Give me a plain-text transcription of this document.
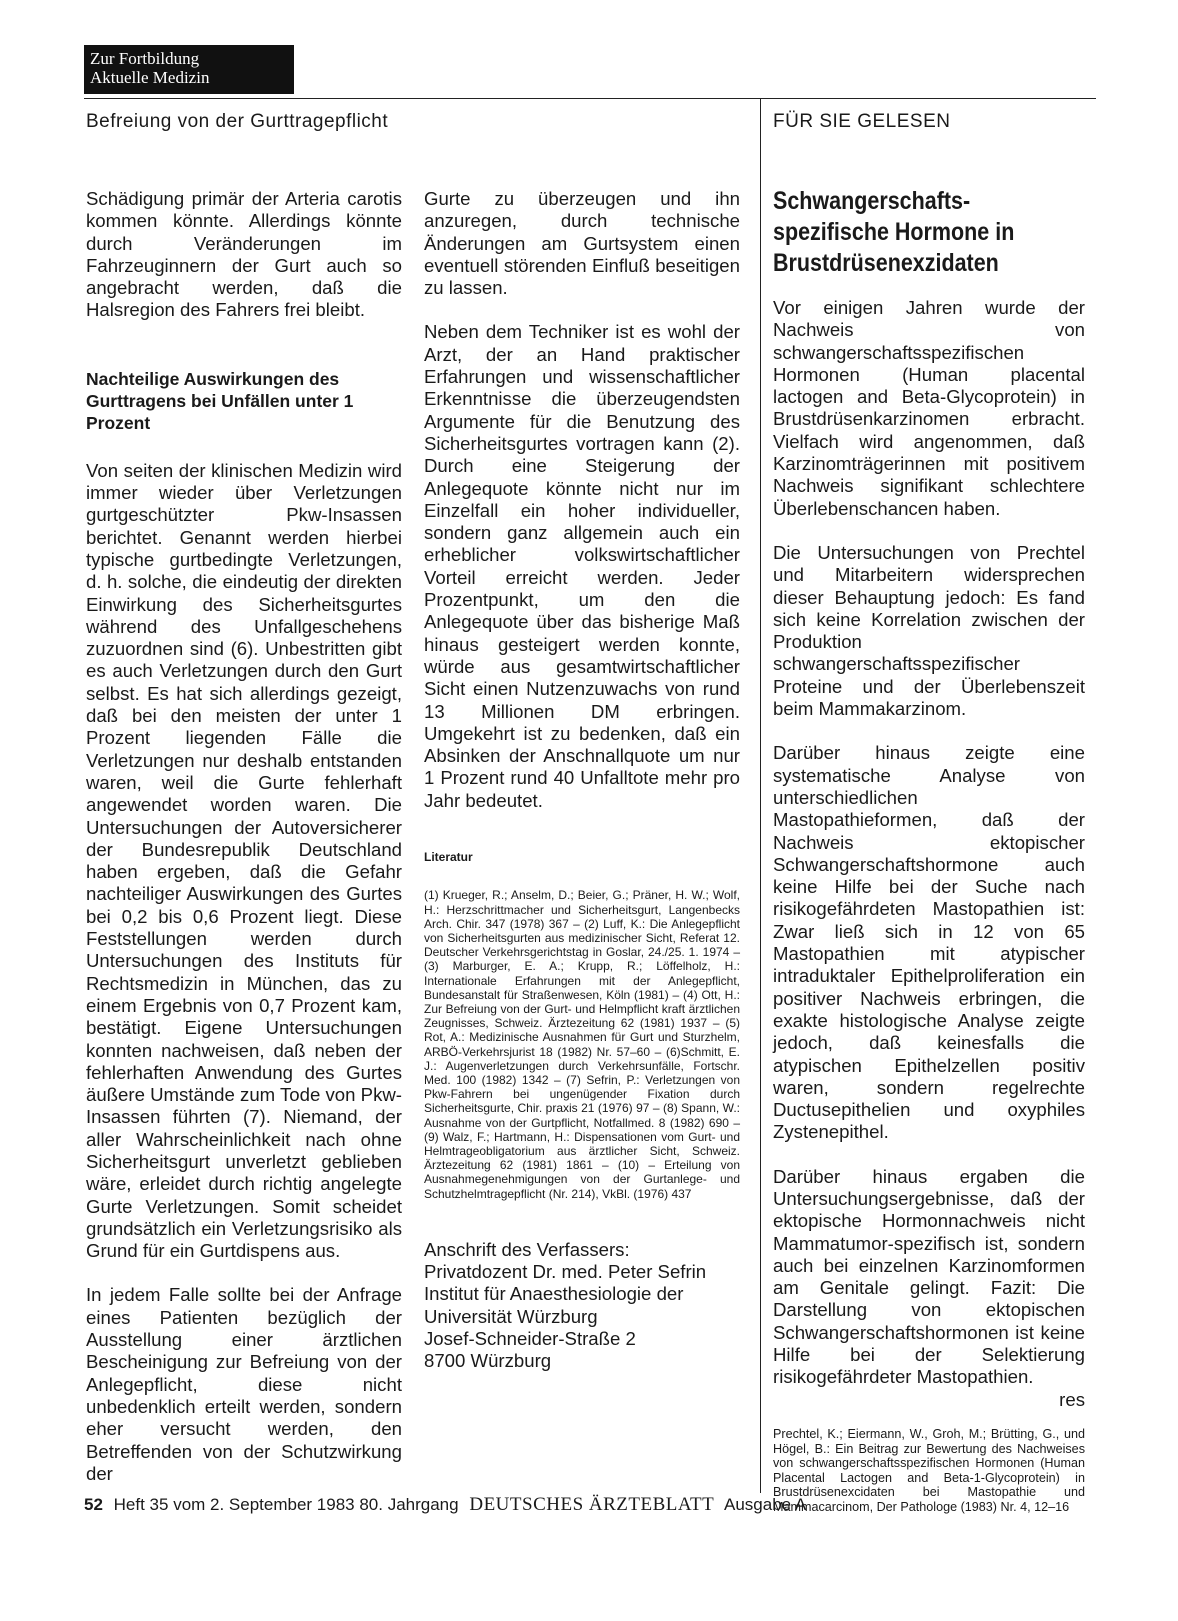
Zur Fortbildung
Aktuelle Medizin
Befreiung von der Gurttragepflicht	FÜR SIE GELESEN

Schädigung primär der Arteria carotis kommen könnte. Allerdings könnte durch Veränderungen im Fahrzeuginnern der Gurt auch so angebracht werden, daß die Halsregion des Fahrers frei bleibt.

Nachteilige Auswirkungen des Gurttragens bei Unfällen unter 1 Prozent

Von seiten der klinischen Medizin wird immer wieder über Verletzungen gurtgeschützter Pkw-Insassen berichtet. Genannt werden hierbei typische gurtbedingte Verletzungen, d. h. solche, die eindeutig der direkten Einwirkung des Sicherheitsgurtes während des Unfallgeschehens zuzuordnen sind (6). Unbestritten gibt es auch Verletzungen durch den Gurt selbst. Es hat sich allerdings gezeigt, daß bei den meisten der unter 1 Prozent liegenden Fälle die Verletzungen nur deshalb entstanden waren, weil die Gurte fehlerhaft angewendet worden waren. Die Untersuchungen der Autoversicherer der Bundesrepublik Deutschland haben ergeben, daß die Gefahr nachteiliger Auswirkungen des Gurtes bei 0,2 bis 0,6 Prozent liegt. Diese Feststellungen werden durch Untersuchungen des Instituts für Rechtsmedizin in München, das zu einem Ergebnis von 0,7 Prozent kam, bestätigt. Eigene Untersuchungen konnten nachweisen, daß neben der fehlerhaften Anwendung des Gurtes äußere Umstände zum Tode von Pkw-Insassen führten (7). Niemand, der aller Wahrscheinlichkeit nach ohne Sicherheitsgurt unverletzt geblieben wäre, erleidet durch richtig angelegte Gurte Verletzungen. Somit scheidet grundsätzlich ein Verletzungsrisiko als Grund für ein Gurtdispens aus.

In jedem Falle sollte bei der Anfrage eines Patienten bezüglich der Ausstellung einer ärztlichen Bescheinigung zur Befreiung von der Anlegepflicht, diese nicht unbedenklich erteilt werden, sondern eher versucht werden, den Betreffenden von der Schutzwirkung der

Gurte zu überzeugen und ihn anzuregen, durch technische Änderungen am Gurtsystem einen eventuell störenden Einfluß beseitigen zu lassen.

Neben dem Techniker ist es wohl der Arzt, der an Hand praktischer Erfahrungen und wissenschaftlicher Erkenntnisse die überzeugendsten Argumente für die Benutzung des Sicherheitsgurtes vortragen kann (2). Durch eine Steigerung der Anlegequote könnte nicht nur im Einzelfall ein hoher individueller, sondern ganz allgemein auch ein erheblicher volkswirtschaftlicher Vorteil erreicht werden. Jeder Prozentpunkt, um den die Anlegequote über das bisherige Maß hinaus gesteigert werden konnte, würde aus gesamtwirtschaftlicher Sicht einen Nutzenzuwachs von rund 13 Millionen DM erbringen. Umgekehrt ist zu bedenken, daß ein Absinken der Anschnallquote um nur 1 Prozent rund 40 Unfalltote mehr pro Jahr bedeutet.

Literatur
(1) Krueger, R.; Anselm, D.; Beier, G.; Präner, H. W.; Wolf, H.: Herzschrittmacher und Sicherheitsgurt, Langenbecks Arch. Chir. 347 (1978) 367 – (2) Luff, K.: Die Anlegepflicht von Sicherheitsgurten aus medizinischer Sicht, Referat 12. Deutscher Verkehrsgerichtstag in Goslar, 24./25. 1. 1974 – (3) Marburger, E. A.; Krupp, R.; Löffelholz, H.: Internationale Erfahrungen mit der Anlegepflicht, Bundesanstalt für Straßenwesen, Köln (1981) – (4) Ott, H.: Zur Befreiung von der Gurt- und Helmpflicht kraft ärztlichen Zeugnisses, Schweiz. Ärztezeitung 62 (1981) 1937 – (5) Rot, A.: Medizinische Ausnahmen für Gurt und Sturzhelm, ARBÖ-Verkehrsjurist 18 (1982) Nr. 57–60 – (6)Schmitt, E. J.: Augenverletzungen durch Verkehrsunfälle, Fortschr. Med. 100 (1982) 1342 – (7) Sefrin, P.: Verletzungen von Pkw-Fahrern bei ungenügender Fixation durch Sicherheitsgurte, Chir. praxis 21 (1976) 97 – (8) Spann, W.: Ausnahme von der Gurtpflicht, Notfallmed. 8 (1982) 690 – (9) Walz, F.; Hartmann, H.: Dispensationen vom Gurt- und Helmtrageobligatorium aus ärztlicher Sicht, Schweiz. Ärztezeitung 62 (1981) 1861 – (10) – Erteilung von Ausnahmegenehmigungen von der Gurtanlege- und Schutzhelmtragepflicht (Nr. 214), VkBl. (1976) 437
Anschrift des Verfassers:
Privatdozent Dr. med. Peter Sefrin
Institut für Anaesthesiologie der
Universität Würzburg
Josef-Schneider-Straße 2
8700 Würzburg
Schwangerschaftsspezifische Hormone in Brustdrüsenexzidaten

Vor einigen Jahren wurde der Nachweis von schwangerschaftsspezifischen Hormonen (Human placental lactogen and Beta-Glycoprotein) in Brustdrüsenkarzinomen erbracht. Vielfach wird angenommen, daß Karzinomträgerinnen mit positivem Nachweis signifikant schlechtere Überlebenschancen haben.

Die Untersuchungen von Prechtel und Mitarbeitern widersprechen dieser Behauptung jedoch: Es fand sich keine Korrelation zwischen der Produktion schwangerschaftsspezifischer Proteine und der Überlebenszeit beim Mammakarzinom.

Darüber hinaus zeigte eine systematische Analyse von unterschiedlichen Mastopathieformen, daß der Nachweis ektopischer Schwangerschaftshormone auch keine Hilfe bei der Suche nach risikogefährdeten Mastopathien ist: Zwar ließ sich in 12 von 65 Mastopathien mit atypischer intraduktaler Epithelproliferation ein positiver Nachweis erbringen, die exakte histologische Analyse zeigte jedoch, daß keinesfalls die atypischen Epithelzellen positiv waren, sondern regelrechte Ductusepithelien und oxyphiles Zystenepithel.

Darüber hinaus ergaben die Untersuchungsergebnisse, daß der ektopische Hormonnachweis nicht Mammatumor-spezifisch ist, sondern auch bei einzelnen Karzinomformen am Genitale gelingt. Fazit: Die Darstellung von ektopischen Schwangerschaftshormonen ist keine Hilfe bei der Selektierung risikogefährdeter Mastopathien.

res
Prechtel, K.; Eiermann, W., Groh, M.; Brütting, G., und Högel, B.: Ein Beitrag zur Bewertung des Nachweises von schwangerschaftsspezifischen Hormonen (Human Placental Lactogen and Beta-1-Glycoprotein) in Brustdrüsenexcidaten bei Mastopathie und Mammacarcinom, Der Pathologe (1983) Nr. 4, 12–16
52 Heft 35 vom 2. September 1983 80. Jahrgang DEUTSCHES ÄRZTEBLATT Ausgabe A
